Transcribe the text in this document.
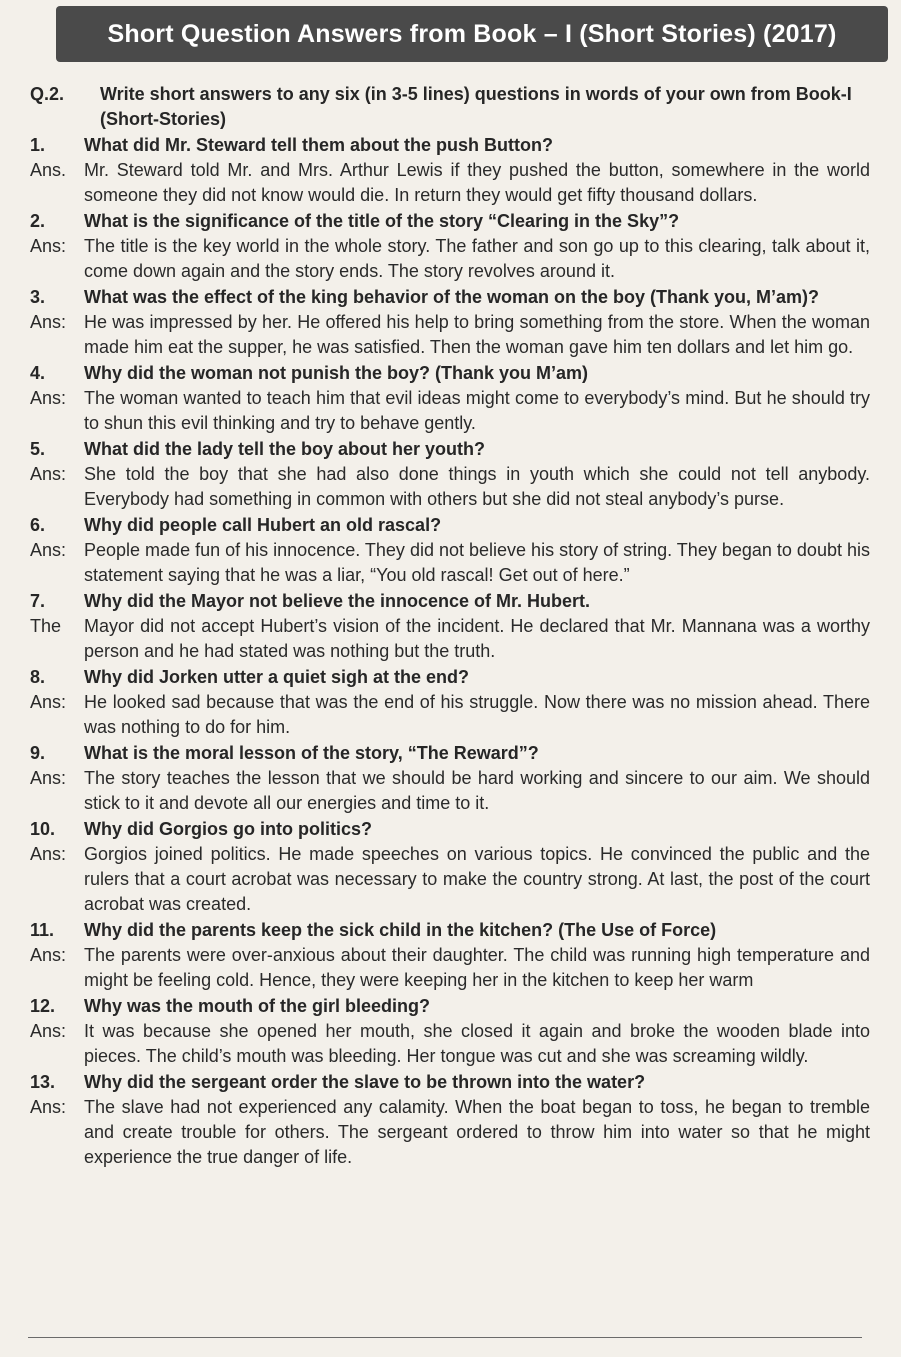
Short Question Answers from Book – I (Short Stories) (2017)
Q.2.	Write short answers to any six (in 3-5 lines) questions in words of your own from Book-I (Short-Stories)
1.	What did Mr. Steward tell them about the push Button?
Ans. Mr. Steward told Mr. and Mrs. Arthur Lewis if they pushed the button, somewhere in the world someone they did not know would die. In return they would get fifty thousand dollars.
2.	What is the significance of the title of the story “Clearing in the Sky”?
Ans: The title is the key world in the whole story. The father and son go up to this clearing, talk about it, come down again and the story ends. The story revolves around it.
3.	What was the effect of the king behavior of the woman on the boy (Thank you, M’am)?
Ans: He was impressed by her. He offered his help to bring something from the store. When the woman made him eat the supper, he was satisfied. Then the woman gave him ten dollars and let him go.
4.	Why did the woman not punish the boy? (Thank you M’am)
Ans: The woman wanted to teach him that evil ideas might come to everybody’s mind. But he should try to shun this evil thinking and try to behave gently.
5.	What did the lady tell the boy about her youth?
Ans: She told the boy that she had also done things in youth which she could not tell anybody. Everybody had something in common with others but she did not steal anybody’s purse.
6.	Why did people call Hubert an old rascal?
Ans: People made fun of his innocence. They did not believe his story of string. They began to doubt his statement saying that he was a liar, “You old rascal! Get out of here.”
7.	Why did the Mayor not believe the innocence of Mr. Hubert.
The	Mayor did not accept Hubert’s vision of the incident. He declared that Mr. Mannana was a worthy person and he had stated was nothing but the truth.
8.	Why did Jorken utter a quiet sigh at the end?
Ans: He looked sad because that was the end of his struggle. Now there was no mission ahead. There was nothing to do for him.
9.	What is the moral lesson of the story, “The Reward”?
Ans: The story teaches the lesson that we should be hard working and sincere to our aim. We should stick to it and devote all our energies and time to it.
10.	Why did Gorgios go into politics?
Ans: Gorgios joined politics. He made speeches on various topics. He convinced the public and the rulers that a court acrobat was necessary to make the country strong. At last, the post of the court acrobat was created.
11.	Why did the parents keep the sick child in the kitchen? (The Use of Force)
Ans: The parents were over-anxious about their daughter. The child was running high temperature and might be feeling cold. Hence, they were keeping her in the kitchen to keep her warm
12.	Why was the mouth of the girl bleeding?
Ans: It was because she opened her mouth, she closed it again and broke the wooden blade into pieces. The child’s mouth was bleeding. Her tongue was cut and she was screaming wildly.
13.	Why did the sergeant order the slave to be thrown into the water?
Ans: The slave had not experienced any calamity. When the boat began to toss, he began to tremble and create trouble for others. The sergeant ordered to throw him into water so that he might experience the true danger of life.
